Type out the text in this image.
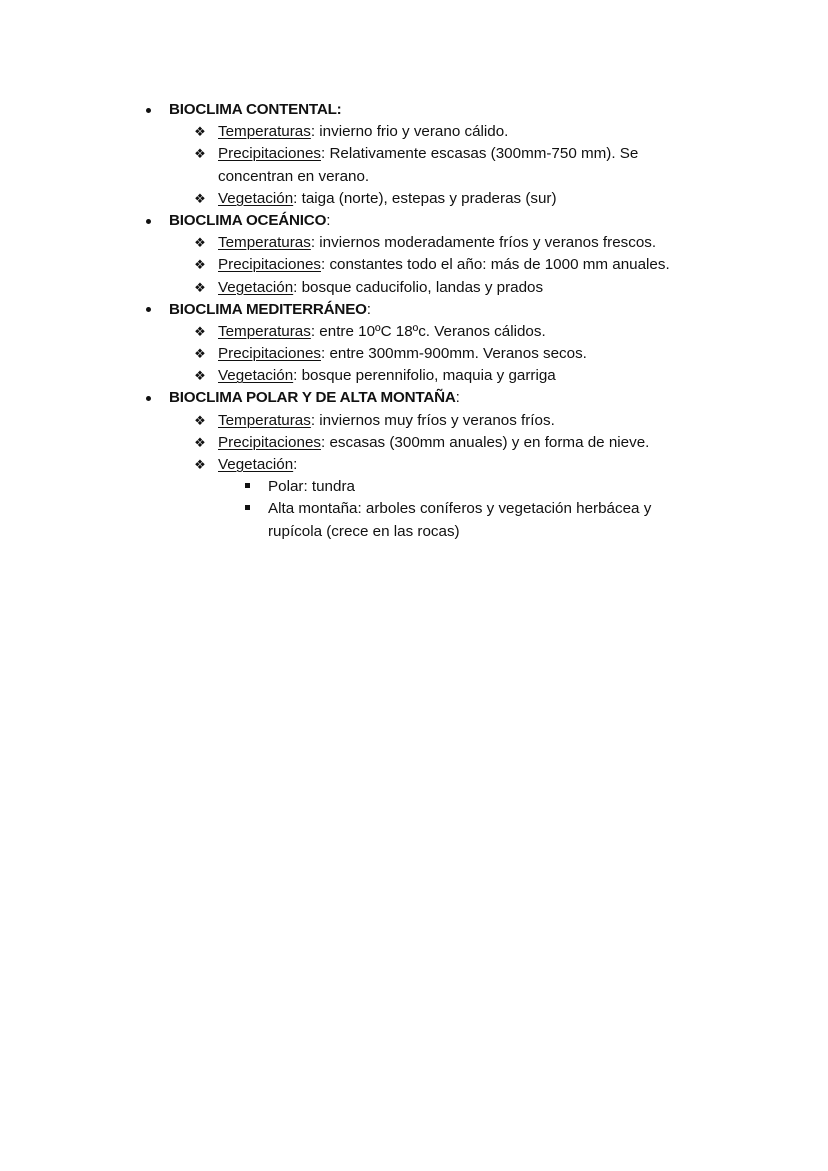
BIOCLIMA CONTENTAL:
❖ Temperaturas: invierno frio y verano cálido.
❖ Precipitaciones: Relativamente escasas (300mm-750 mm). Se
concentran en verano.
❖ Vegetación: taiga (norte), estepas y praderas (sur)
BIOCLIMA OCEÁNICO:
❖ Temperaturas: inviernos moderadamente fríos y veranos frescos.
❖ Precipitaciones: constantes todo el año: más de 1000 mm anuales.
❖ Vegetación: bosque caducifolio, landas y prados
BIOCLIMA MEDITERRÁNEO:
❖ Temperaturas: entre 10ºC 18ºc. Veranos cálidos.
❖ Precipitaciones: entre 300mm-900mm. Veranos secos.
❖ Vegetación: bosque perennifolio, maquia y garriga
BIOCLIMA POLAR Y DE ALTA MONTAÑA:
❖ Temperaturas: inviernos muy fríos y veranos fríos.
❖ Precipitaciones: escasas (300mm anuales) y en forma de nieve.
❖ Vegetación:
Polar: tundra
Alta montaña: arboles coníferos y vegetación herbácea y
rupícola (crece en las rocas)
